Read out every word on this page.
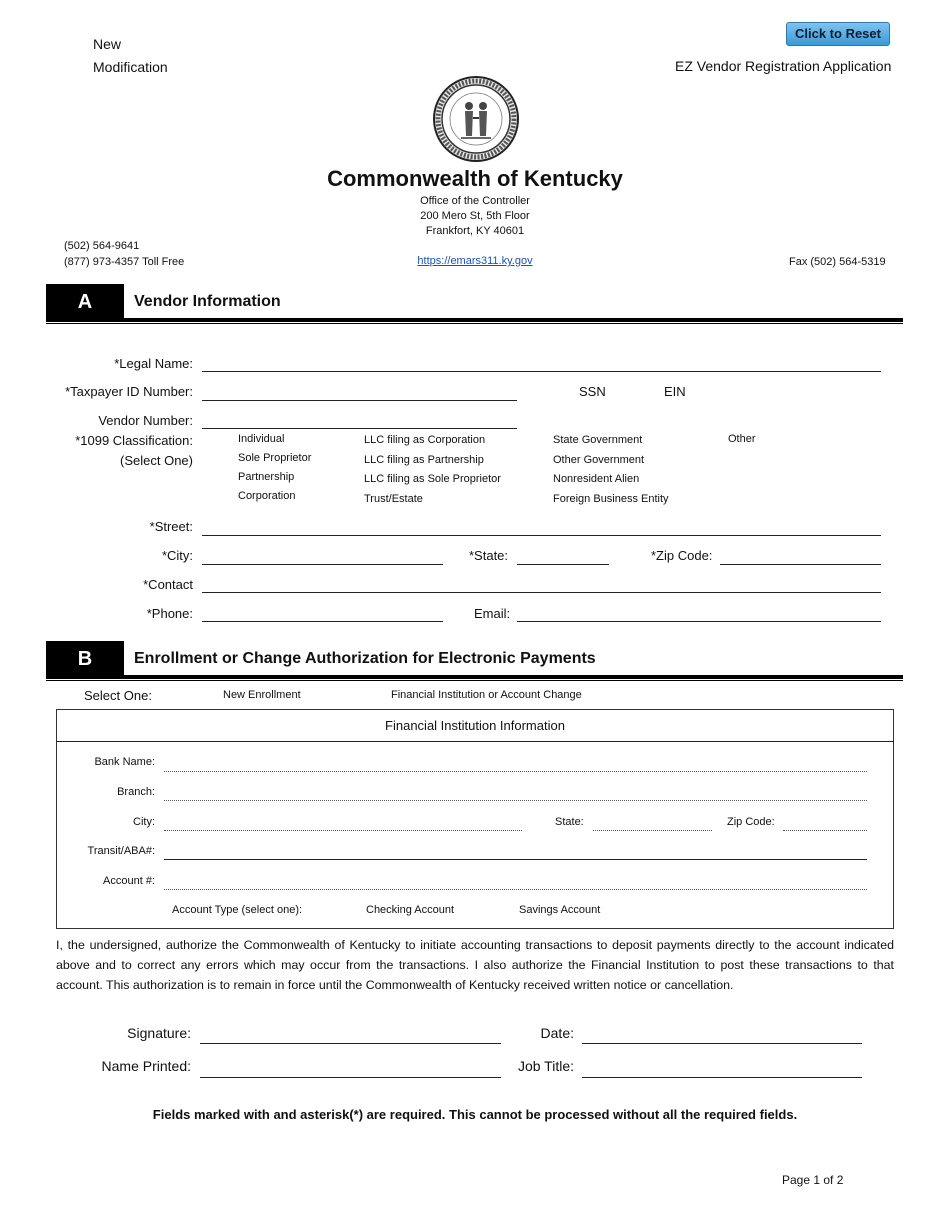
Click to Reset
New
Modification	EZ Vendor Registration Application
Commonwealth of Kentucky
Office of the Controller
200 Mero St, 5th Floor
Frankfort, KY 40601
(502) 564-9641
(877) 973-4357 Toll Free	https://emars311.ky.gov	Fax (502) 564-5319
A	Vendor Information
*Legal Name:
*Taxpayer ID Number:	SSN	EIN
Vendor Number:
*1099 Classification:
(Select One)
Individual
Sole Proprietor
Partnership
Corporation
LLC filing as Corporation
LLC filing as Partnership
LLC filing as Sole Proprietor
Trust/Estate
State Government
Other Government
Nonresident Alien
Foreign Business Entity
Other
*Street:
*City:	*State:	*Zip Code:
*Contact
*Phone:	Email:
B	Enrollment or Change Authorization for Electronic Payments
Select One:	New Enrollment	Financial Institution or Account Change
Financial Institution Information
Bank Name:
Branch:
City:	State:	Zip Code:
Transit/ABA#:
Account #:
Account Type (select one):	Checking Account	Savings Account
I, the undersigned, authorize the Commonwealth of Kentucky to initiate accounting transactions to deposit payments directly to the account indicated above and to correct any errors which may occur from the transactions. I also authorize the Financial Institution to post these transactions to that account. This authorization is to remain in force until the Commonwealth of Kentucky received written notice or cancellation.
Signature:	Date:
Name Printed:	Job Title:
Fields marked with and asterisk(*) are required. This cannot be processed without all the required fields.
Page 1 of 2
